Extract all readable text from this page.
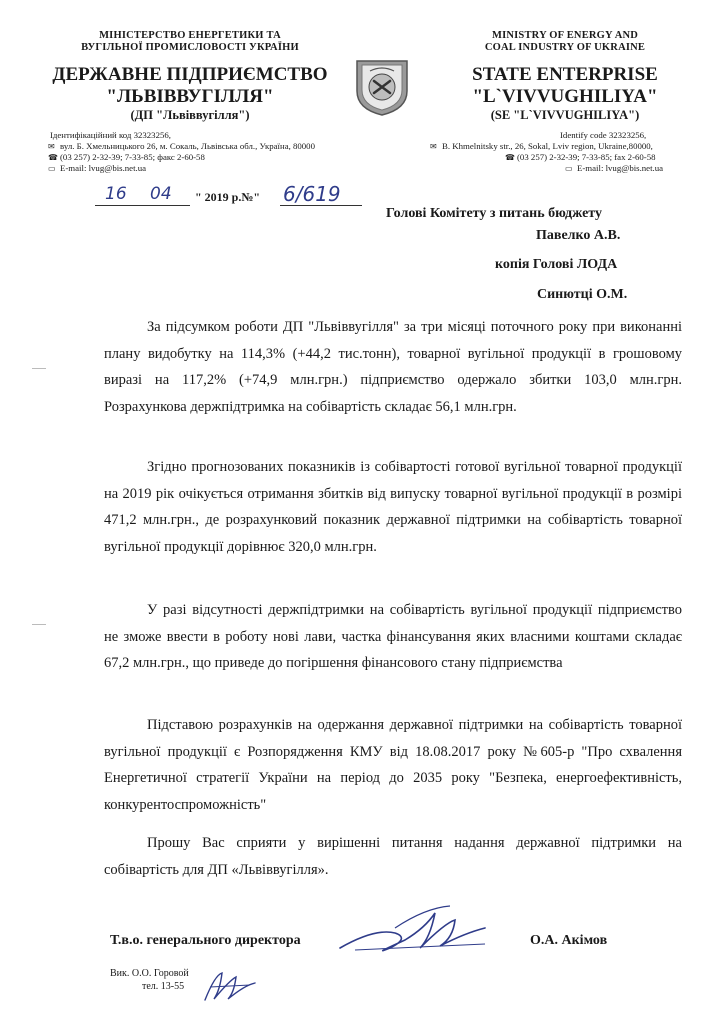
МІНІСТЕРСТВО ЕНЕРГЕТИКИ ТА
ВУГІЛЬНОЇ ПРОМИСЛОВОСТІ УКРАЇНИ
ДЕРЖАВНЕ ПІДПРИЄМСТВО
"ЛЬВІВВУГІЛЛЯ"
(ДП "Львіввугілля")
Ідентифікаційний код 32323256,
✉ вул. Б. Хмельницького 26, м. Сокаль, Львівська обл., Україна, 80000
☎ (03 257) 2-32-39; 7-33-85; факс 2-60-58
▭ E-mail: lvug@bis.net.ua
MINISTRY OF ENERGY AND
COAL INDUSTRY OF UKRAINE
STATE ENTERPRISE
"L`VIVVUGHILIYA"
(SE "L`VIVVUGHILIYA")
Identify code 32323256,
✉ B. Khmelnitsky str., 26, Sokal, Lviv region, Ukraine,80000,
☎ (03 257) 2-32-39; 7-33-85; fax 2-60-58
▭ E-mail: lvug@bis.net.ua
16 04 " 2019 р.№" 6/619
Голові Комітету з питань бюджету
Павелко А.В.
копія Голові ЛОДА
Синютці О.М.
За підсумком роботи ДП "Львіввугілля" за три місяці поточного року при виконанні плану видобутку на 114,3% (+44,2 тис.тонн), товарної вугільної продукції в грошовому виразі на 117,2% (+74,9 млн.грн.) підприємство одержало збитки 103,0 млн.грн. Розрахункова держпідтримка на собівартість складає 56,1 млн.грн.
Згідно прогнозованих показників із собівартості готової вугільної товарної продукції на 2019 рік очікується отримання збитків від випуску товарної вугільної продукції в розмірі 471,2 млн.грн., де розрахунковий показник державної підтримки на собівартість товарної вугільної продукції дорівнює 320,0 млн.грн.
У разі відсутності держпідтримки на собівартість вугільної продукції підприємство не зможе ввести в роботу нові лави, частка фінансування яких власними коштами складає 67,2 млн.грн., що приведе до погіршення фінансового стану підприємства
Підставою розрахунків на одержання державної підтримки на собівартість товарної вугільної продукції є Розпорядження КМУ від 18.08.2017 року №605-р "Про схвалення Енергетичної стратегії України на період до 2035 року "Безпека, енергоефективність, конкурентоспроможність"
Прошу Вас сприяти у вирішенні питання надання державної підтримки на собівартість для ДП «Львіввугілля».
Т.в.о. генерального директора	О.А. Акімов
Вик. О.О. Горовой
тел. 13-55
